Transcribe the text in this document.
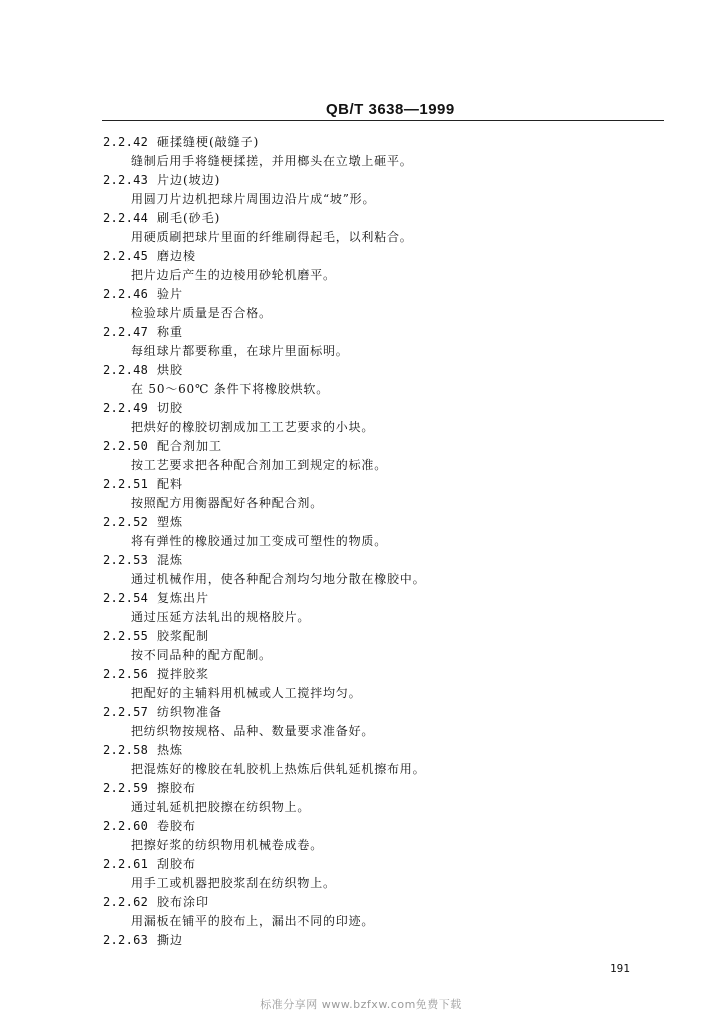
QB/T 3638—1999
2.2.42 砸揉缝梗(敲缝子)
缝制后用手将缝梗揉搓，并用榔头在立墩上砸平。
2.2.43 片边(坡边)
用圆刀片边机把球片周围边沿片成“坡”形。
2.2.44 刷毛(砂毛)
用硬质刷把球片里面的纤维刷得起毛，以利粘合。
2.2.45 磨边棱
把片边后产生的边棱用砂轮机磨平。
2.2.46 验片
检验球片质量是否合格。
2.2.47 称重
每组球片都要称重，在球片里面标明。
2.2.48 烘胶
在 50～60℃ 条件下将橡胶烘软。
2.2.49 切胶
把烘好的橡胶切割成加工工艺要求的小块。
2.2.50 配合剂加工
按工艺要求把各种配合剂加工到规定的标准。
2.2.51 配料
按照配方用衡器配好各种配合剂。
2.2.52 塑炼
将有弹性的橡胶通过加工变成可塑性的物质。
2.2.53 混炼
通过机械作用，使各种配合剂均匀地分散在橡胶中。
2.2.54 复炼出片
通过压延方法轧出的规格胶片。
2.2.55 胶浆配制
按不同品种的配方配制。
2.2.56 搅拌胶浆
把配好的主辅料用机械或人工搅拌均匀。
2.2.57 纺织物准备
把纺织物按规格、品种、数量要求准备好。
2.2.58 热炼
把混炼好的橡胶在轧胶机上热炼后供轧延机擦布用。
2.2.59 擦胶布
通过轧延机把胶擦在纺织物上。
2.2.60 卷胶布
把擦好浆的纺织物用机械卷成卷。
2.2.61 刮胶布
用手工或机器把胶浆刮在纺织物上。
2.2.62 胶布涂印
用漏板在铺平的胶布上，漏出不同的印迹。
2.2.63 撕边
191
标准分享网 www.bzfxw.com免费下载
